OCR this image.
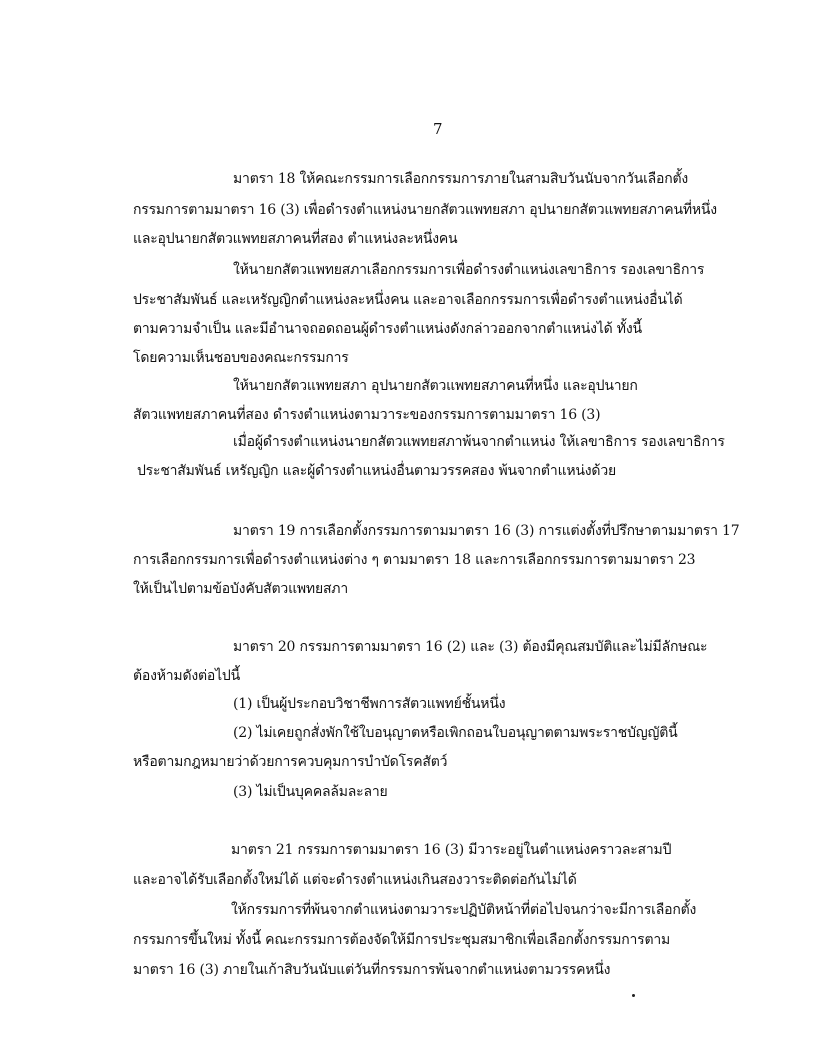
7
มาตรา 18 ให้คณะกรรมการเลือกกรรมการภายในสามสิบวันนับจากวันเลือกตั้ง
กรรมการตามมาตรา 16 (3) เพื่อดำรงตำแหน่งนายกสัตวแพทยสภา อุปนายกสัตวแพทยสภาคนที่หนึ่ง
และอุปนายกสัตวแพทยสภาคนที่สอง ตำแหน่งละหนึ่งคน
ให้นายกสัตวแพทยสภาเลือกกรรมการเพื่อดำรงตำแหน่งเลขาธิการ รองเลขาธิการ
ประชาสัมพันธ์ และเหรัญญิกตำแหน่งละหนึ่งคน และอาจเลือกกรรมการเพื่อดำรงตำแหน่งอื่นได้
ตามความจำเป็น และมีอำนาจถอดถอนผู้ดำรงตำแหน่งดังกล่าวออกจากตำแหน่งได้ ทั้งนี้
โดยความเห็นชอบของคณะกรรมการ
ให้นายกสัตวแพทยสภา อุปนายกสัตวแพทยสภาคนที่หนึ่ง และอุปนายก
สัตวแพทยสภาคนที่สอง ดำรงตำแหน่งตามวาระของกรรมการตามมาตรา 16 (3)
เมื่อผู้ดำรงตำแหน่งนายกสัตวแพทยสภาพ้นจากตำแหน่ง ให้เลขาธิการ รองเลขาธิการ
ประชาสัมพันธ์ เหรัญญิก และผู้ดำรงตำแหน่งอื่นตามวรรคสอง พ้นจากตำแหน่งด้วย
มาตรา 19 การเลือกตั้งกรรมการตามมาตรา 16 (3) การแต่งตั้งที่ปรึกษาตามมาตรา 17
การเลือกกรรมการเพื่อดำรงตำแหน่งต่าง ๆ ตามมาตรา 18 และการเลือกกรรมการตามมาตรา 23
ให้เป็นไปตามข้อบังคับสัตวแพทยสภา
มาตรา 20 กรรมการตามมาตรา 16 (2) และ (3) ต้องมีคุณสมบัติและไม่มีลักษณะ
ต้องห้ามดังต่อไปนี้
(1) เป็นผู้ประกอบวิชาชีพการสัตวแพทย์ชั้นหนึ่ง
(2) ไม่เคยถูกสั่งพักใช้ใบอนุญาตหรือเพิกถอนใบอนุญาตตามพระราชบัญญัตินี้
หรือตามกฎหมายว่าด้วยการควบคุมการบำบัดโรคสัตว์
(3) ไม่เป็นบุคคลล้มละลาย
มาตรา 21 กรรมการตามมาตรา 16 (3) มีวาระอยู่ในตำแหน่งคราวละสามปี
และอาจได้รับเลือกตั้งใหม่ได้ แต่จะดำรงตำแหน่งเกินสองวาระติดต่อกันไม่ได้
ให้กรรมการที่พ้นจากตำแหน่งตามวาระปฏิบัติหน้าที่ต่อไปจนกว่าจะมีการเลือกตั้ง
กรรมการขึ้นใหม่ ทั้งนี้ คณะกรรมการต้องจัดให้มีการประชุมสมาชิกเพื่อเลือกตั้งกรรมการตาม
มาตรา 16 (3) ภายในเก้าสิบวันนับแต่วันที่กรรมการพ้นจากตำแหน่งตามวรรคหนึ่ง
